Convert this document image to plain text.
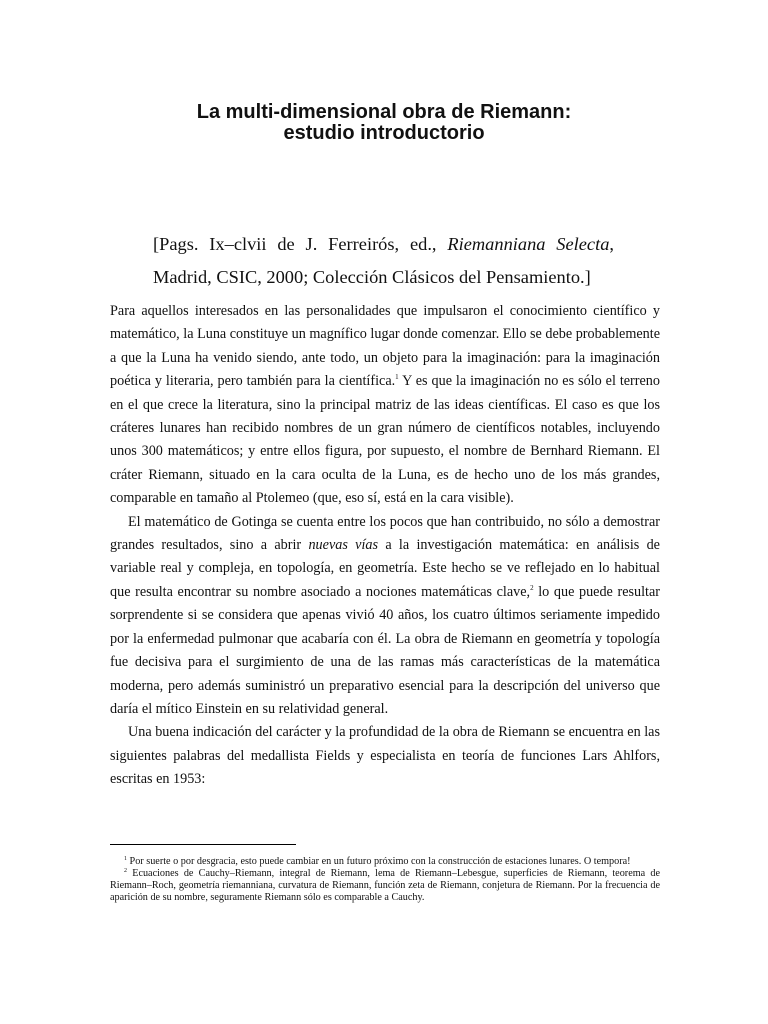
La multi-dimensional obra de Riemann:
estudio introductorio
[Pags. Ix–clvii de J. Ferreirós, ed., Riemanniana Selecta,
Madrid, CSIC, 2000; Colección Clásicos del Pensamiento.]

Para aquellos interesados en las personalidades que impulsaron el conocimiento científico y matemático, la Luna constituye un magnífico lugar donde comenzar. Ello se debe probablemente a que la Luna ha venido siendo, ante todo, un objeto para la imaginación: para la imaginación poética y literaria, pero también para la científica.$^1$ Y es que la imaginación no es sólo el terreno en el que crece la literatura, sino la principal matriz de las ideas científicas. El caso es que los cráteres lunares han recibido nombres de un gran número de científicos notables, incluyendo unos 300 matemáticos; y entre ellos figura, por supuesto, el nombre de Bernhard Riemann. El cráter Riemann, situado en la cara oculta de la Luna, es de hecho uno de los más grandes, comparable en tamaño al Ptolemeo (que, eso sí, está en la cara visible).

El matemático de Gotinga se cuenta entre los pocos que han contribuido, no sólo a demostrar grandes resultados, sino a abrir nuevas vías a la investigación matemática: en análisis de variable real y compleja, en topología, en geometría. Este hecho se ve reflejado en lo habitual que resulta encontrar su nombre asociado a nociones matemáticas clave,$^2$ lo que puede resultar sorprendente si se considera que apenas vivió 40 años, los cuatro últimos seriamente impedido por la enfermedad pulmonar que acabaría con él. La obra de Riemann en geometría y topología fue decisiva para el surgimiento de una de las ramas más características de la matemática moderna, pero además suministró un preparativo esencial para la descripción del universo que daría el mítico Einstein en su relatividad general.

Una buena indicación del carácter y la profundidad de la obra de Riemann se encuentra en las siguientes palabras del medallista Fields y especialista en teoría de funciones Lars Ahlfors, escritas en 1953:

$^1$ Por suerte o por desgracia, esto puede cambiar en un futuro próximo con la construcción de estaciones lunares. O tempora!

$^2$ Ecuaciones de Cauchy–Riemann, integral de Riemann, lema de Riemann–Lebesgue, superficies de Riemann, teorema de Riemann–Roch, geometría riemanniana, curvatura de Riemann, función zeta de Riemann, conjetura de Riemann. Por la frecuencia de aparición de su nombre, seguramente Riemann sólo es comparable a Cauchy.
